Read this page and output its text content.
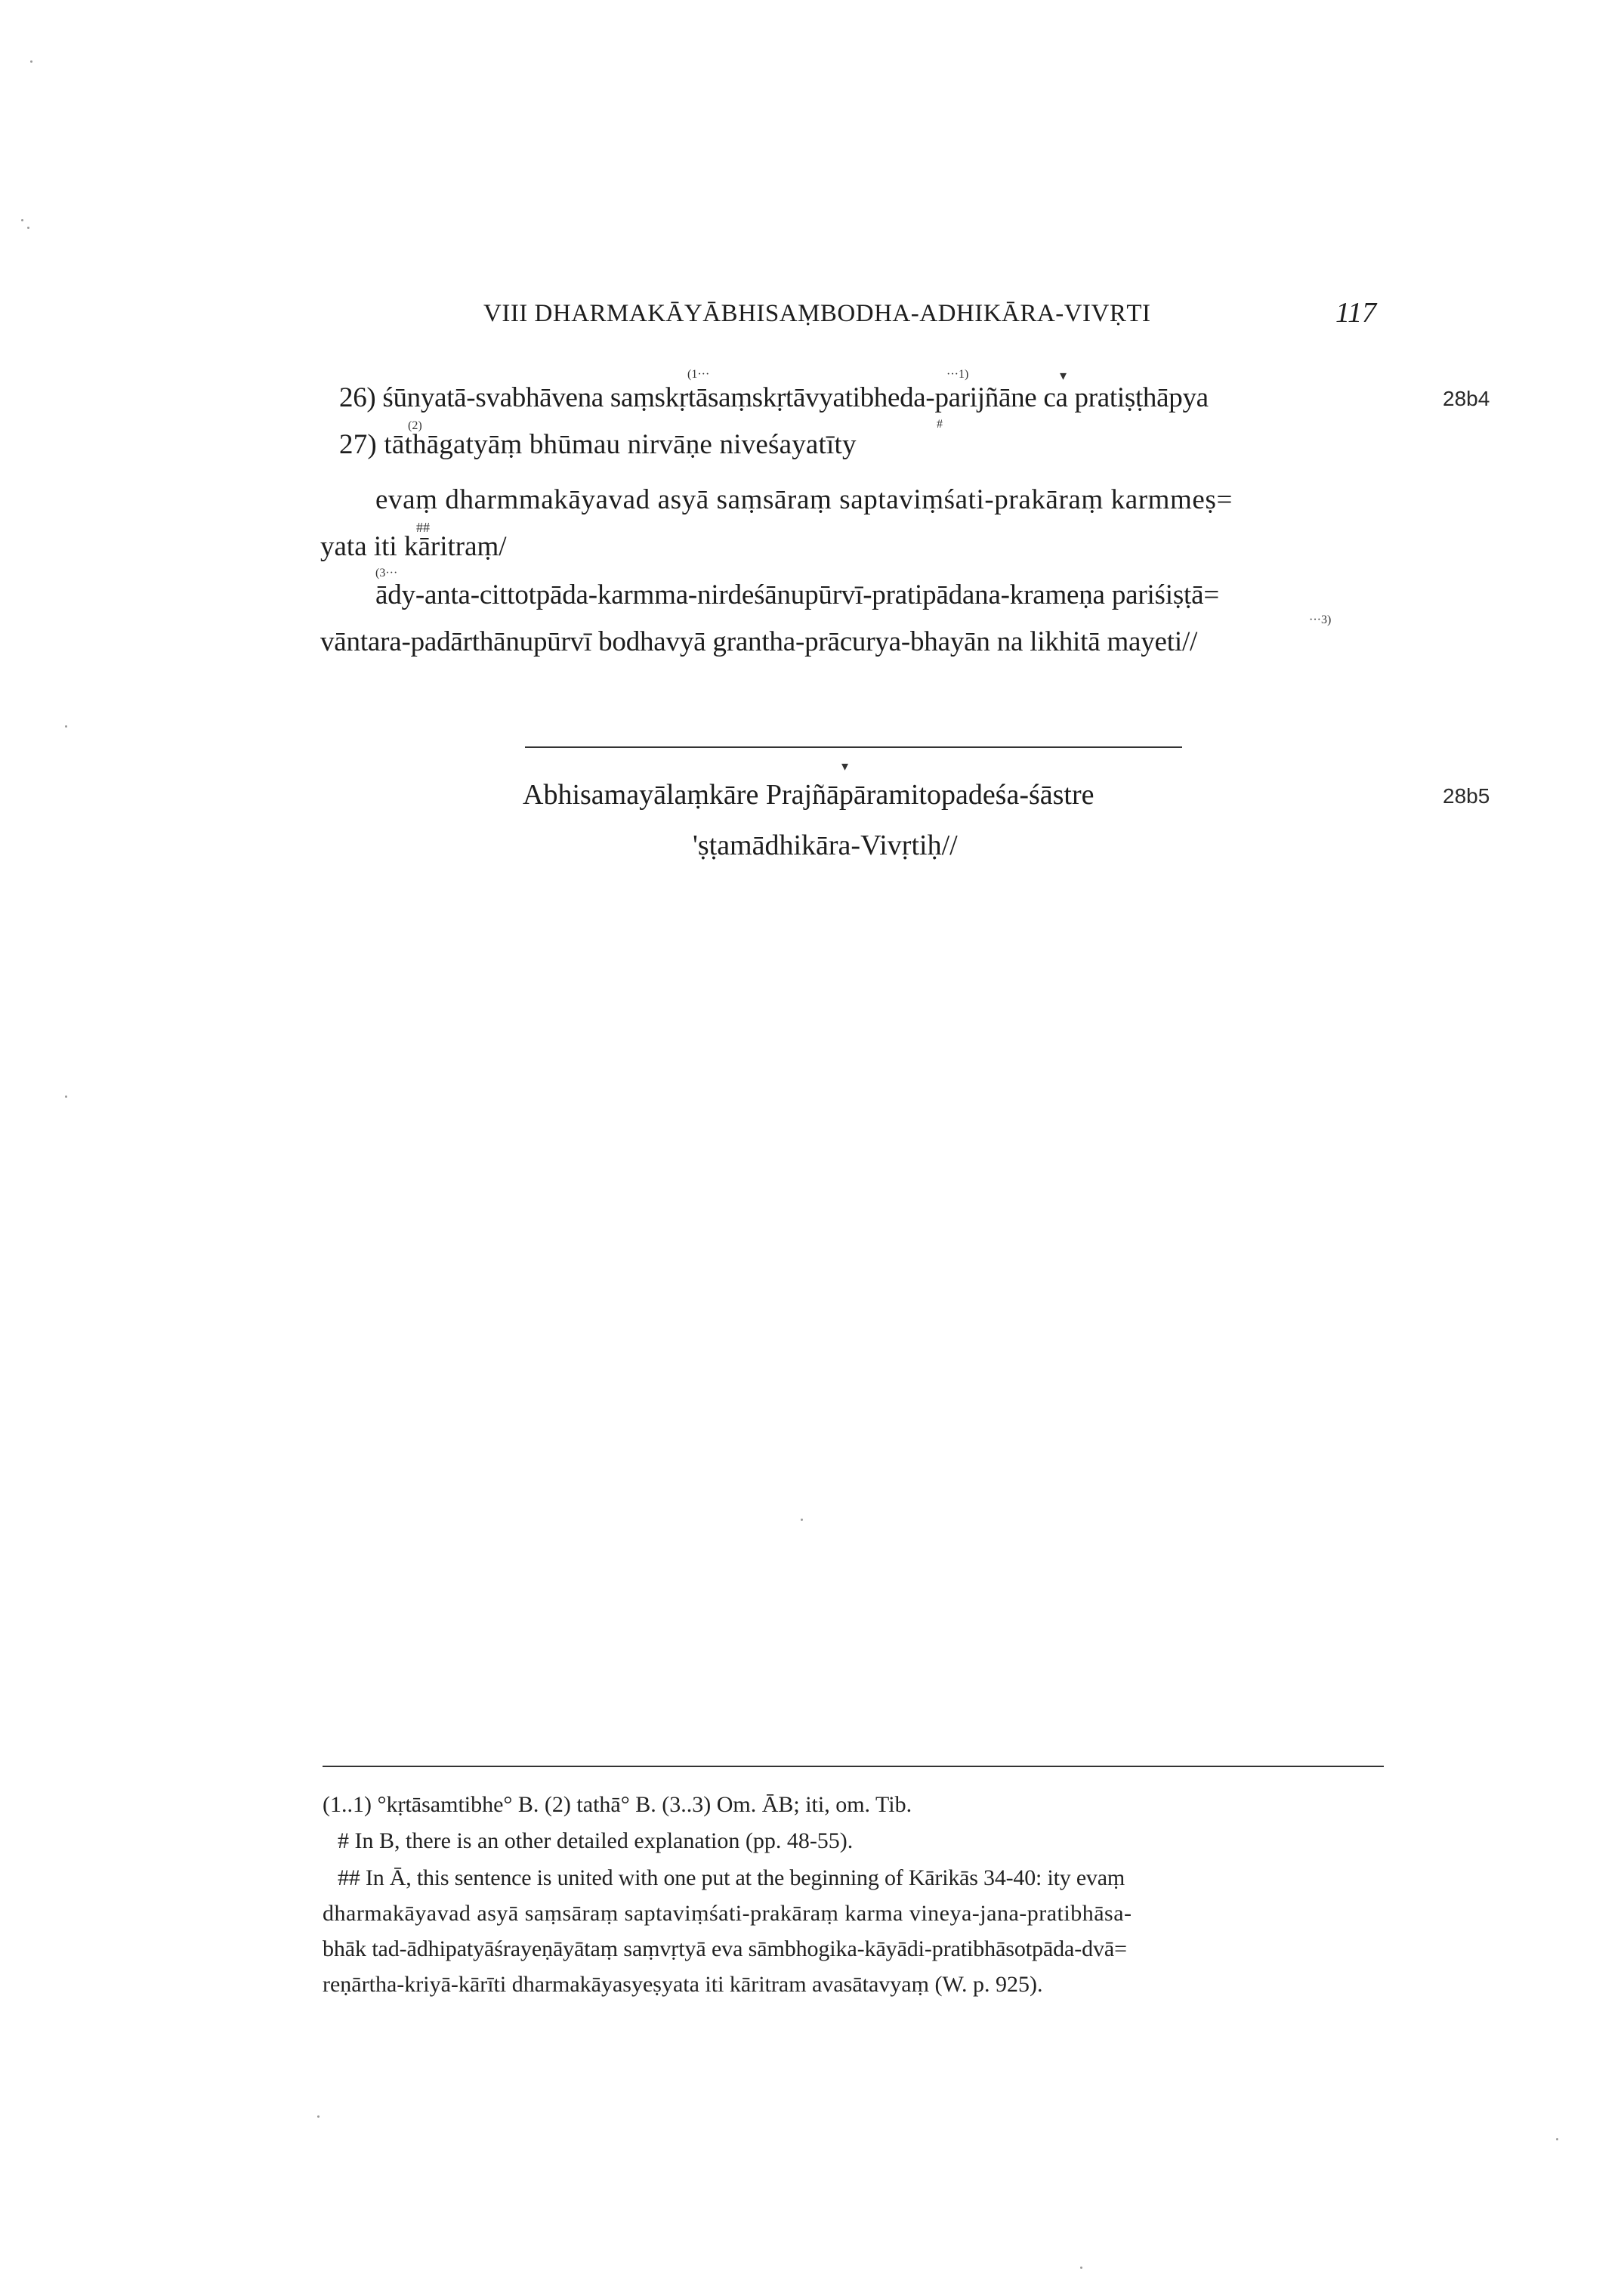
VIII DHARMAKĀYĀBHISAṂBODHA-ADHIKĀRA-VIVṚTI	117
(1···	···1)	▾
26) śūnyatā-svabhāvena saṃskṛtāsaṃskṛtāvyatibheda-parijñāne ca pratiṣṭhāpya	28b4
(2)	#
27) tāthāgatyāṃ bhūmau nirvāṇe niveśayatīty
evaṃ dharmmakāyavad asyā saṃsāraṃ saptaviṃśati-prakāraṃ karmmeṣ=
##
yata iti kāritraṃ/
(3···
ādy-anta-cittotpāda-karmma-nirdeśānupūrvī-pratipādana-krameṇa pariśiṣṭā=
···3)
vāntara-padārthānupūrvī bodhavyā grantha-prācurya-bhayān na likhitā mayeti//
▾
Abhisamayālaṃkāre Prajñāpāramitopadeśa-śāstre	28b5
'ṣṭamādhikāra-Vivṛtiḥ//
(1..1) °kṛtāsamtibhe° B. (2) tathā° B. (3..3) Om. ĀB; iti, om. Tib.
# In B, there is an other detailed explanation (pp. 48-55).
## In Ā, this sentence is united with one put at the beginning of Kārikās 34-40: ity evaṃ
dharmakāyavad asyā saṃsāraṃ saptaviṃśati-prakāraṃ karma vineya-jana-pratibhāsa-
bhāk tad-ādhipatyāśrayeṇāyātaṃ saṃvṛtyā eva sāmbhogika-kāyādi-pratibhāsotpāda-dvā=
reṇārtha-kriyā-kārīti dharmakāyasyeṣyata iti kāritram avasātavyaṃ (W. p. 925).
